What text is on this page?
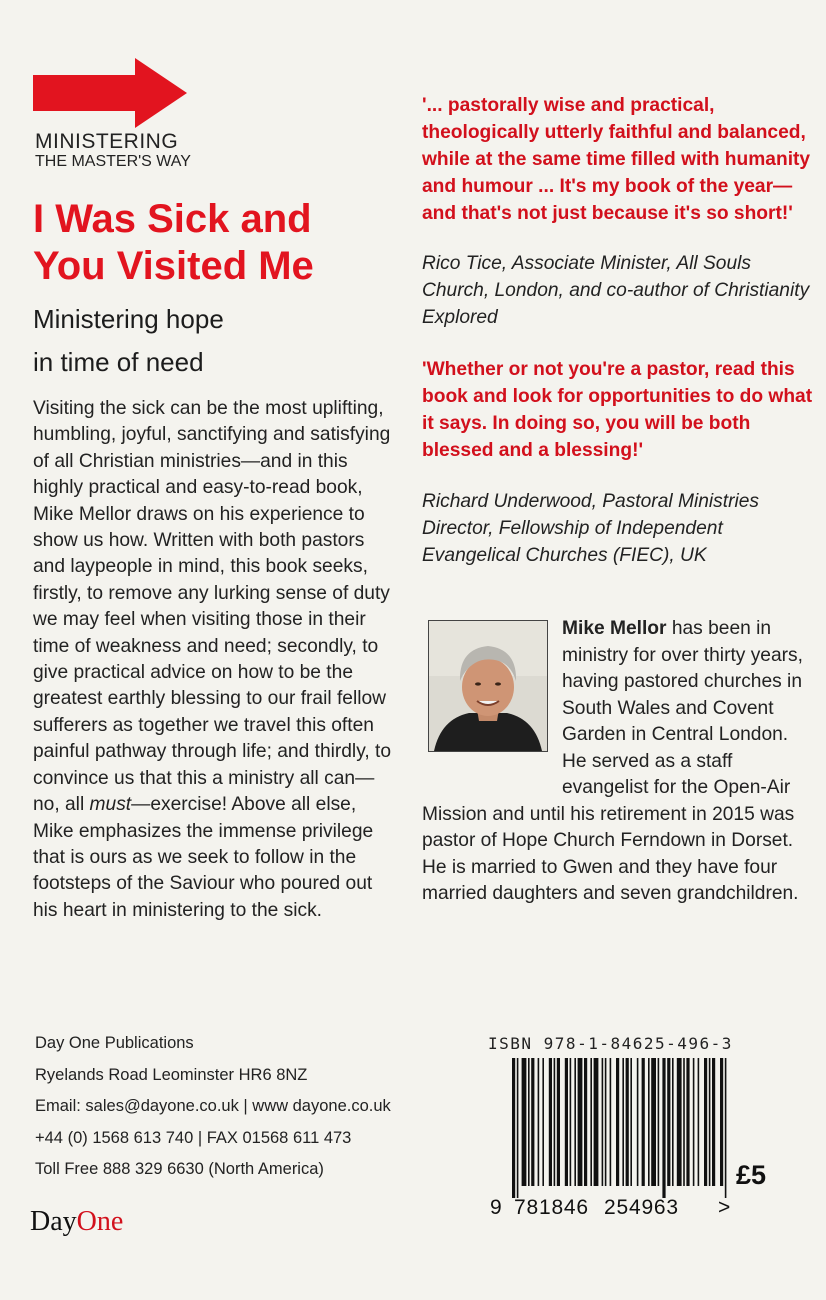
MINISTERING
THE MASTER'S WAY
I Was Sick and
You Visited Me
Ministering hope
in time of need
Visiting the sick can be the most uplifting, humbling, joyful, sanctifying and satisfying of all Christian ministries—and in this highly practical and easy-to-read book, Mike Mellor draws on his experience to show us how. Written with both pastors and laypeople in mind, this book seeks, firstly, to remove any lurking sense of duty we may feel when visiting those in their time of weakness and need; secondly, to give practical advice on how to be the greatest earthly blessing to our frail fellow sufferers as together we travel this often painful pathway through life; and thirdly, to convince us that this a ministry all can—no, all must—exercise! Above all else, Mike emphasizes the immense privilege that is ours as we seek to follow in the footsteps of the Saviour who poured out his heart in ministering to the sick.
'... pastorally wise and practical, theologically utterly faithful and balanced, while at the same time filled with humanity and humour ... It's my book of the year—and that's not just because it's so short!'
Rico Tice, Associate Minister, All Souls Church, London, and co-author of Christianity Explored
'Whether or not you're a pastor, read this book and look for opportunities to do what it says. In doing so, you will be both blessed and a blessing!'
Richard Underwood, Pastoral Ministries Director, Fellowship of Independent Evangelical Churches (FIEC), UK
Mike Mellor has been in ministry for over thirty years, having pastored churches in South Wales and Covent Garden in Central London. He served as a staff evangelist for the Open-Air Mission and until his retirement in 2015 was pastor of Hope Church Ferndown in Dorset. He is married to Gwen and they have four married daughters and seven grandchildren.
Day One Publications
Ryelands Road Leominster HR6 8NZ
Email: sales@dayone.co.uk | www dayone.co.uk
+44 (0) 1568 613 740 | FAX 01568 611 473
Toll Free 888 329 6630 (North America)
DayOne
ISBN 978-1-84625-496-3
£5
9 781846 254963 >
